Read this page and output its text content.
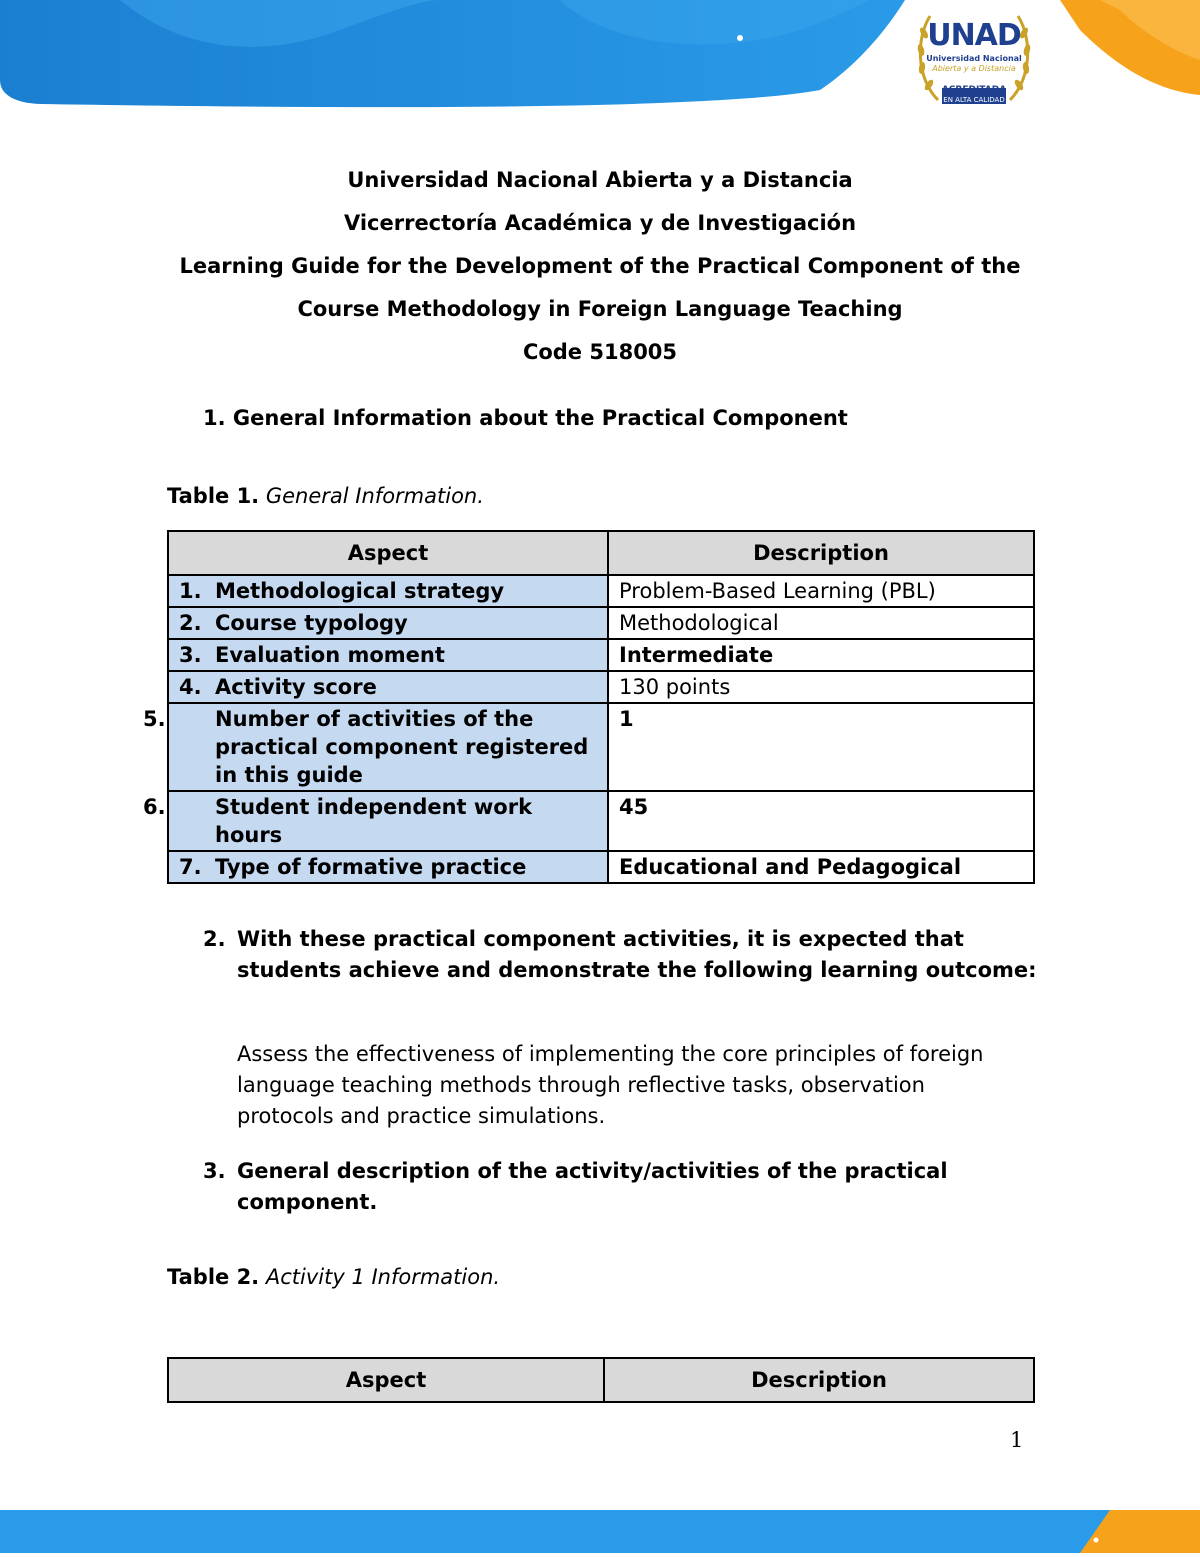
UNAD
Universidad Nacional
Abierta y a Distancia
ACREDITADA
EN ALTA CALIDAD
Universidad Nacional Abierta y a Distancia
Vicerrectoría Académica y de Investigación
Learning Guide for the Development of the Practical Component of the
Course Methodology in Foreign Language Teaching
Code 518005
1. General Information about the Practical Component
Table 1. General Information.
Aspect	Description
1. Methodological strategy	Problem-Based Learning (PBL)
2. Course typology	Methodological
3. Evaluation moment	Intermediate
4. Activity score	130 points

5. Number of activities of the practical component registered in this guide	1

6. Student independent work hours	45
7. Type of formative practice	Educational and Pedagogical
2. With these practical component activities, it is expected that students achieve and demonstrate the following learning outcome:
Assess the effectiveness of implementing the core principles of foreign language teaching methods through reflective tasks, observation protocols and practice simulations.
3. General description of the activity/activities of the practical component.
Table 2. Activity 1 Information.
Aspect	Description
1
